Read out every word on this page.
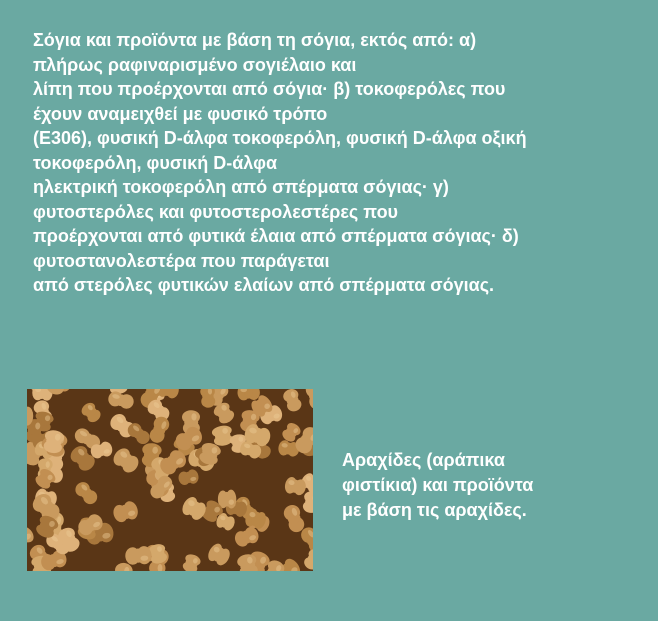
Σόγια και προϊόντα με βάση τη σόγια, εκτός από: α)
πλήρως ραφιναρισμένο σογιέλαιο και
λίπη που προέρχονται από σόγια· β) τοκοφερόλες που
έχουν αναμειχθεί με φυσικό τρόπο
(Ε306), φυσική D-άλφα τοκοφερόλη, φυσική D-άλφα οξική
τοκοφερόλη, φυσική D-άλφα
ηλεκτρική τοκοφερόλη από σπέρματα σόγιας· γ)
φυτοστερόλες και φυτοστερολεστέρες που
προέρχονται από φυτικά έλαια από σπέρματα σόγιας· δ)
φυτοστανολεστέρα που παράγεται
από στερόλες φυτικών ελαίων από σπέρματα σόγιας.
Αραχίδες (αράπικα
φιστίκια) και προϊόντα
με βάση τις αραχίδες.
